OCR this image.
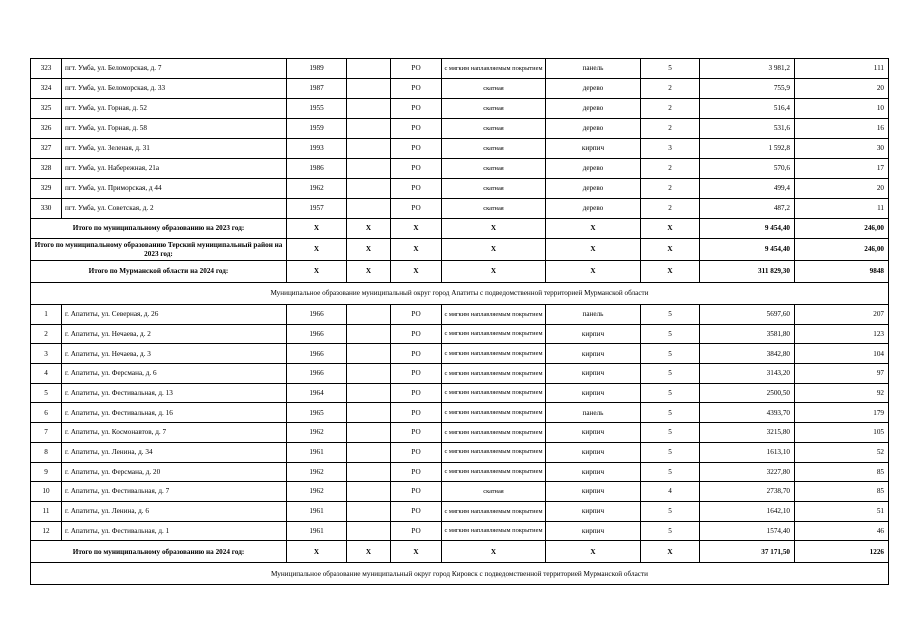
323	пгт. Умба, ул. Беломорская, д. 7	1989		РО	с мягким наплавляемым покрытием	панель	5	3 981,2	111
324	пгт. Умба, ул. Беломорская, д. 33	1987		РО	скатная	дерево	2	755,9	20
325	пгт. Умба, ул. Горная, д. 52	1955		РО	скатная	дерево	2	516,4	10
326	пгт. Умба, ул. Горная, д. 58	1959		РО	скатная	дерево	2	531,6	16
327	пгт. Умба, ул. Зеленая, д. 31	1993		РО	скатная	кирпич	3	1 592,8	30
328	пгт. Умба, ул. Набережная, 21а	1986		РО	скатная	дерево	2	570,6	17
329	пгт. Умба, ул. Приморская, д 44	1962		РО	скатная	дерево	2	499,4	20
330	пгт. Умба, ул. Советская, д. 2	1957		РО	скатная	дерево	2	487,2	11
Итого по муниципальному образованию на 2023 год:		X	X	X	X	X	X	9 454,40	246,00
Итого по муниципальному образованию Терский муниципальный район на 2023 год:		X	X	X	X	X	X	9 454,40	246,00
Итого по Мурманской области на 2024 год:		X	X	X	X	X	X	311 829,30	9848
Муниципальное образование муниципальный округ город Апатиты с подведомственной территорией Мурманской области									
1	г. Апатиты, ул. Северная, д. 26	1966		РО	с мягким наплавляемым покрытием	панель	5	5697,60	207
2	г. Апатиты, ул. Нечаева, д. 2	1966		РО	с мягким наплавляемым покрытием	кирпич	5	3581,80	123
3	г. Апатиты, ул. Нечаева, д. 3	1966		РО	с мягким наплавляемым покрытием	кирпич	5	3842,80	104
4	г. Апатиты, ул. Ферсмана, д. 6	1966		РО	с мягким наплавляемым покрытием	кирпич	5	3143,20	97
5	г. Апатиты, ул. Фестивальная, д. 13	1964		РО	с мягким наплавляемым покрытием	кирпич	5	2500,50	92
6	г. Апатиты, ул. Фестивальная, д. 16	1965		РО	с мягким наплавляемым покрытием	панель	5	4393,70	179
7	г. Апатиты, ул. Космонавтов, д. 7	1962		РО	с мягким наплавляемым покрытием	кирпич	5	3215,80	105
8	г. Апатиты, ул. Ленина, д. 34	1961		РО	с мягким наплавляемым покрытием	кирпич	5	1613,10	52
9	г. Апатиты, ул. Ферсмана, д. 20	1962		РО	с мягким наплавляемым покрытием	кирпич	5	3227,80	85
10	г. Апатиты, ул. Фестивальная, д. 7	1962		РО	скатная	кирпич	4	2738,70	85
11	г. Апатиты, ул. Ленина, д. 6	1961		РО	с мягким наплавляемым покрытием	кирпич	5	1642,10	51
12	г. Апатиты, ул. Фестивальная, д. 1	1961		РО	с мягким наплавляемым покрытием	кирпич	5	1574,40	46
Итого по муниципальному образованию на 2024 год:		X	X	X	X	X	X	37 171,50	1226
Муниципальное образование муниципальный округ город Кировск с подведомственной территорией Мурманской области									
